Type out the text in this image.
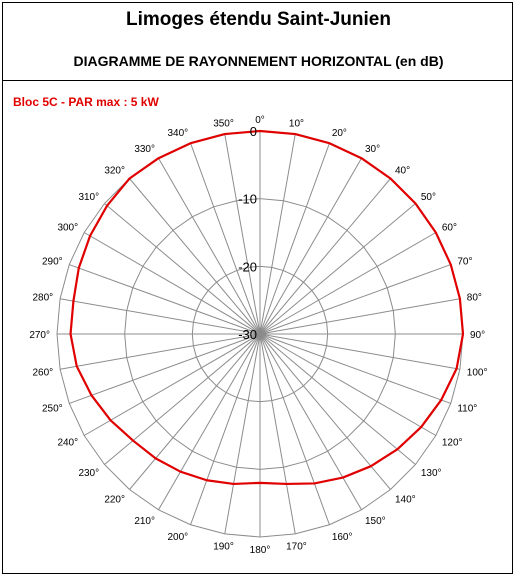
Limoges étendu Saint-Junien
DIAGRAMME DE RAYONNEMENT HORIZONTAL (en dB)
Bloc 5C - PAR max : 5 kW
0
-10
-20
-30
0° 10°
20°
30°
40°
50°
60°
70°
80°
90°
100°
110°
120°
130°
140°
150°
160°
170°
180°
190°
200°
210°
220°
230°
240°
250°
260°
270°
280°
290°
300°
310°
320°
330°
340°
350°
